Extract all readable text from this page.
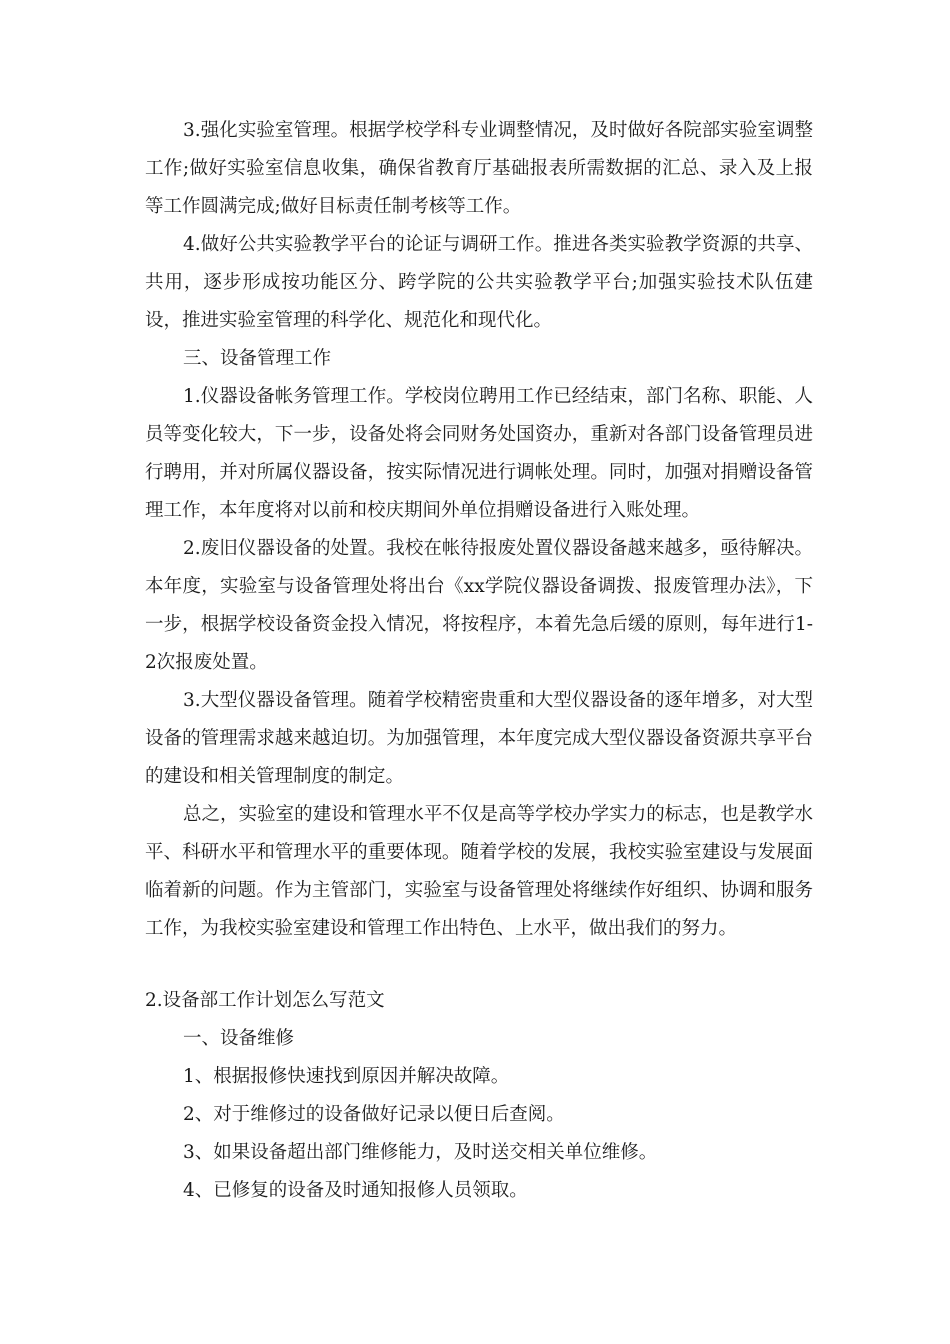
3.强化实验室管理。根据学校学科专业调整情况，及时做好各院部实验室调整工作;做好实验室信息收集，确保省教育厅基础报表所需数据的汇总、录入及上报等工作圆满完成;做好目标责任制考核等工作。

4.做好公共实验教学平台的论证与调研工作。推进各类实验教学资源的共享、共用，逐步形成按功能区分、跨学院的公共实验教学平台;加强实验技术队伍建设，推进实验室管理的科学化、规范化和现代化。

三、设备管理工作

1.仪器设备帐务管理工作。学校岗位聘用工作已经结束，部门名称、职能、人员等变化较大，下一步，设备处将会同财务处国资办，重新对各部门设备管理员进行聘用，并对所属仪器设备，按实际情况进行调帐处理。同时，加强对捐赠设备管理工作，本年度将对以前和校庆期间外单位捐赠设备进行入账处理。

2.废旧仪器设备的处置。我校在帐待报废处置仪器设备越来越多，亟待解决。本年度，实验室与设备管理处将出台《xx学院仪器设备调拨、报废管理办法》，下一步，根据学校设备资金投入情况，将按程序，本着先急后缓的原则，每年进行1-2次报废处置。

3.大型仪器设备管理。随着学校精密贵重和大型仪器设备的逐年增多，对大型设备的管理需求越来越迫切。为加强管理，本年度完成大型仪器设备资源共享平台的建设和相关管理制度的制定。

总之，实验室的建设和管理水平不仅是高等学校办学实力的标志，也是教学水平、科研水平和管理水平的重要体现。随着学校的发展，我校实验室建设与发展面临着新的问题。作为主管部门，实验室与设备管理处将继续作好组织、协调和服务工作，为我校实验室建设和管理工作出特色、上水平，做出我们的努力。

2.设备部工作计划怎么写范文

一、设备维修

1、根据报修快速找到原因并解决故障。

2、对于维修过的设备做好记录以便日后查阅。

3、如果设备超出部门维修能力，及时送交相关单位维修。

4、已修复的设备及时通知报修人员领取。
